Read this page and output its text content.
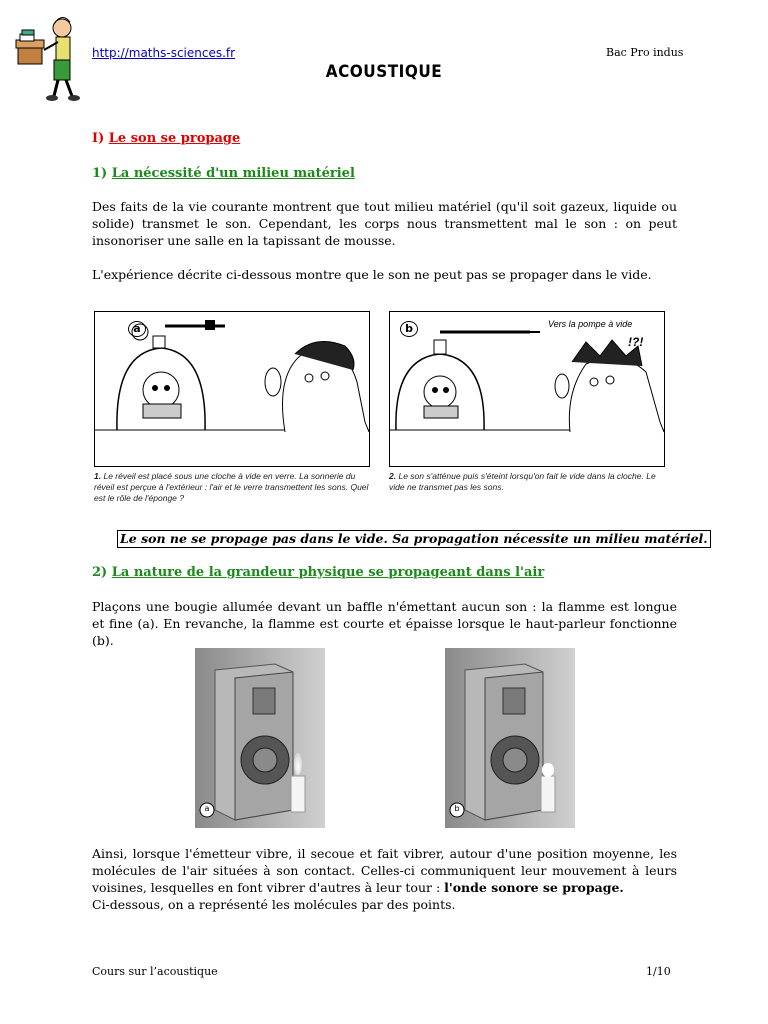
http://maths-sciences.fr	Bac Pro indus
ACOUSTIQUE
I) Le son se propage
1) La nécessité d'un milieu matériel
Des faits de la vie courante montrent que tout milieu matériel (qu'il soit gazeux, liquide ou solide) transmet le son. Cependant, les corps nous transmettent mal le son : on peut insonoriser une salle en la tapissant de mousse.
L'expérience décrite ci-dessous montre que le son ne peut pas se propager dans le vide.
a	b	Vers la pompe à vide
!?!
1. Le réveil est placé sous une cloche à vide en verre. La sonnerie du réveil est perçue à l'extérieur : l'air et le verre transmettent les sons. Quel est le rôle de l'éponge ?
2. Le son s'atténue puis s'éteint lorsqu'on fait le vide dans la cloche. Le vide ne transmet pas les sons.
Le son ne se propage pas dans le vide. Sa propagation nécessite un milieu matériel.
2) La nature de la grandeur physique se propageant dans l'air
Plaçons une bougie allumée devant un baffle n'émettant aucun son : la flamme est longue et fine (a). En revanche, la flamme est courte et épaisse lorsque le haut-parleur fonctionne (b).
a	b
Ainsi, lorsque l'émetteur vibre, il secoue et fait vibrer, autour d'une position moyenne, les molécules de l'air situées à son contact. Celles-ci communiquent leur mouvement à leurs voisines, lesquelles en font vibrer d'autres à leur tour : l'onde sonore se propage.
Ci-dessous, on a représenté les molécules par des points.
Cours sur l’acoustique	1/10
